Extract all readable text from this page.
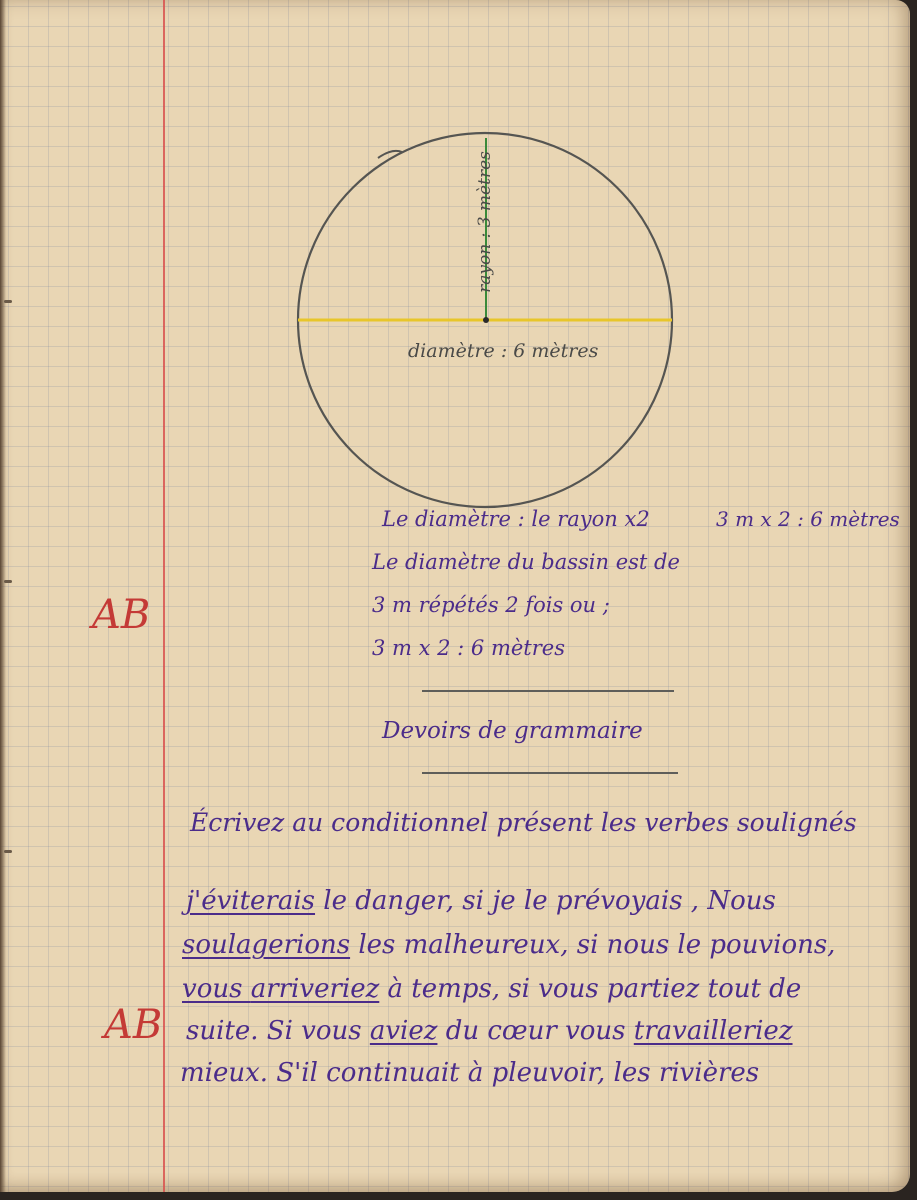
rayon : 3 mètres
diamètre : 6 mètres
Le diamètre : le rayon x2	3 m x 2 : 6 mètres
Le diamètre du bassin est de
3 m répétés 2 fois ou ;
3 m x 2 : 6 mètres
AB
Devoirs de grammaire
Écrivez au conditionnel présent les verbes soulignés
j'éviterais le danger, si je le prévoyais , Nous
soulagerions les malheureux, si nous le pouvions,
vous arriveriez à temps, si vous partiez tout de
suite. Si vous aviez du cœur vous travailleriez
mieux. S'il continuait à pleuvoir, les rivières
AB
